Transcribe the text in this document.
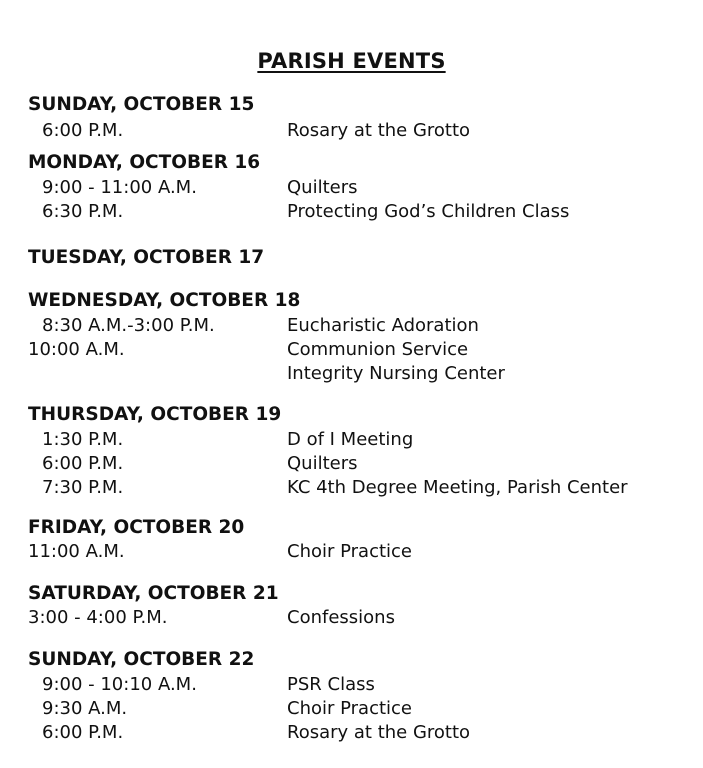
PARISH EVENTS
SUNDAY, OCTOBER 15
6:00 P.M.	Rosary at the Grotto
MONDAY, OCTOBER 16
9:00 - 11:00 A.M.	Quilters
6:30 P.M.	Protecting God’s Children Class
TUESDAY, OCTOBER 17
WEDNESDAY, OCTOBER 18
8:30 A.M.-3:00 P.M.	Eucharistic Adoration
10:00 A.M.	Communion Service
Integrity Nursing Center
THURSDAY, OCTOBER 19
1:30 P.M.	D of I Meeting
6:00 P.M.	Quilters
7:30 P.M.	KC 4th Degree Meeting, Parish Center
FRIDAY, OCTOBER 20
11:00 A.M.	Choir Practice
SATURDAY, OCTOBER 21
3:00 - 4:00 P.M.	Confessions
SUNDAY, OCTOBER 22
9:00 - 10:10 A.M.	PSR Class
9:30 A.M.	Choir Practice
6:00 P.M.	Rosary at the Grotto
